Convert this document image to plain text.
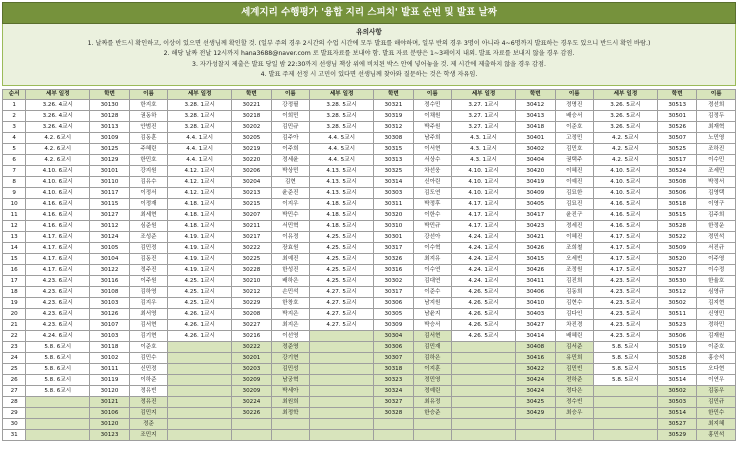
세계지리 수행평가 '융합 지리 스피치' 발표 순번 및 발표 날짜
유의사항
1. 날짜를 반드시 확인하고, 이상이 있으면 선생님께 확인할 것. (일부 주의 경우 2시간의 수업 시간에 모두 발표를 해야하며, 일부 반의 경우 3명이 아니라 4~6명까지 발표하는 경우도 있으니 반드시 확인 바람.)
2. 해당 날짜 전날 12시까지 hana3688@naver.com 로 발표자료를 보내야 함. 발표 자료 분량은 1~3페이지 내외. 발표 자료를 보내지 않을 경우 감점.
3. 자가성찰지 제출은 발표 당일 밤 22:30까지 선생님 책상 위에 비치된 박스 안에 넣어놓을 것. 제 시간에 제출하지 않을 경우 감점.
4. 발표 주제 선정 시 고민이 있다면 선생님께 찾아와 질문하는 것은 학생 자유임.
순서	세부 일정	학번	이름	세부 일정	학번	이름	세부 일정	학번	이름	세부 일정	학번	이름	세부 일정	학번	이름
1	3.26. 4교시	30130	한지호	3.28. 1교시	30221	강정필	3.28. 5교시	30321	정수민	3.27. 1교시	30412	정명진	3.26. 5교시	30513	정선희
2	3.26. 4교시	30128	권동하	3.28. 1교시	30218	이희민	3.28. 5교시	30319	이채원	3.27. 1교시	30413	배승서	3.26. 5교시	30501	김정두
3	3.26. 4교시	30113	안범진	3.28. 1교시	30202	김민규	3.28. 5교시	30312	박주원	3.27. 1교시	30418	이준호	3.26. 5교시	30526	최재혁
4	4.2. 6교시	30109	김동훈	4.4. 1교시	30205	김주아	4.4. 5교시	30308	남주희	4.3. 1교시	30401	고정민	4.2. 5교시	30507	노민영
5	4.2. 6교시	30125	주혜린	4.4. 1교시	30219	이주희	4.4. 5교시	30315	이서현	4.3. 1교시	30402	김민호	4.2. 5교시	30525	조하진
6	4.2. 6교시	30129	한민호	4.4. 1교시	30220	정세윤	4.4. 5교시	30313	서상수	4.3. 1교시	30404	권택주	4.2. 5교시	30517	이수민
7	4.10. 6교시	30101	강지원	4.12. 1교시	30206	박상민	4.13. 5교시	30325	차선웅	4.10. 1교시	30420	이혜진	4.10. 5교시	30524	조세민
8	4.10. 6교시	30110	김유수	4.12. 1교시	30204	김현	4.13. 5교시	30314	신아린	4.10. 1교시	30419	이예진	4.10. 5교시	30508	박정서
9	4.10. 6교시	30117	이정서	4.12. 1교시	30213	윤준진	4.13. 5교시	30303	김도연	4.10. 1교시	30409	김묘한	4.10. 5교시	30506	김영택
10	4.16. 6교시	30115	이정재	4.18. 1교시	30215	이지우	4.18. 5교시	30311	박정후	4.17. 1교시	30405	김묘진	4.16. 5교시	30518	이영구
11	4.16. 6교시	30127	최세현	4.18. 1교시	30207	박민수	4.18. 5교시	30320	이한수	4.17. 1교시	30417	윤진구	4.16. 5교시	30515	김주희
12	4.16. 6교시	30112	심준원	4.18. 1교시	30211	서민혁	4.18. 5교시	30310	박민규	4.17. 1교시	30423	정세진	4.16. 5교시	30528	한정운
13	4.17. 6교시	30124	조성준	4.19. 1교시	30217	이유정	4.25. 5교시	30301	강선아	4.24. 1교시	30421	이혜진	4.17. 5교시	30522	정민석
14	4.17. 6교시	30105	김민정	4.19. 1교시	30222	장효원	4.25. 5교시	30317	이수혁	4.24. 1교시	30426	조희철	4.17. 5교시	30509	서진규
15	4.17. 6교시	30104	김동진	4.19. 1교시	30225	최예진	4.25. 5교시	30326	최지유	4.24. 1교시	30415	오세빈	4.17. 5교시	30520	이주영
16	4.17. 6교시	30122	정주진	4.19. 1교시	30228	한성진	4.25. 5교시	30316	이수연	4.24. 1교시	30426	조정원	4.17. 5교시	30527	이수정
17	4.23. 6교시	30116	이주원	4.25. 1교시	30210	배하은	4.25. 5교시	30302	김대연	4.24. 1교시	30411	김진희	4.23. 5교시	30530	한율호
18	4.23. 6교시	30108	김하영	4.25. 1교시	30212	손민석	4.27. 5교시	30317	이준수	4.26. 5교시	30406	김동희	4.23. 5교시	30512	심영규
19	4.23. 6교시	30103	김지우	4.25. 1교시	30229	한창호	4.27. 5교시	30306	남지원	4.26. 5교시	30410	김현수	4.23. 5교시	30502	김지현
20	4.23. 6교시	30126	최서영	4.26. 1교시	30208	박지은	4.27. 5교시	30305	남윤지	4.26. 5교시	30403	김다인	4.23. 5교시	30511	신영민
21	4.23. 6교시	30107	김서현	4.26. 1교시	30227	최지은	4.27. 5교시	30309	박승서	4.26. 5교시	30427	차진경	4.23. 5교시	30523	정하민
22	4.24. 6교시	30103	김기현	4.26. 1교시	30216	이선영		30304	김서현	4.26. 5교시	30414	배혜린	4.23. 5교시	30506	김재원
23	5.8. 6교시	30118	이준호		30222	정준영		30306	김민재		30408	김서준	5.8. 5교시	30519	이준호
24	5.8. 6교시	30102	김민수		30201	강기현		30307	김하은		30416	유민희	5.8. 5교시	30528	홍승석
25	5.8. 6교시	30111	신민정		30203	김민성		30318	이지훈		30422	김민빈	5.8. 5교시	30515	오다현
26	5.8. 6교시	30119	이하준		30209	남궁혁		30323	정민영		30424	전하준	5.8. 5교시	30514	이연우
27	5.8. 6교시	30120	정유빈		30209	박세아		30324	정예린		30424	정다은		30502	김동우
28		30121	정유진		30224	최원희		30327	최유정		30425	정수빈		30503	김민규
29		30106	김민지		30226	최정학		30328	한승준		30429	최승우		30514	한민수
30		30120	정준											30527	최지혜
31		30123	조민지											30529	홍민석
